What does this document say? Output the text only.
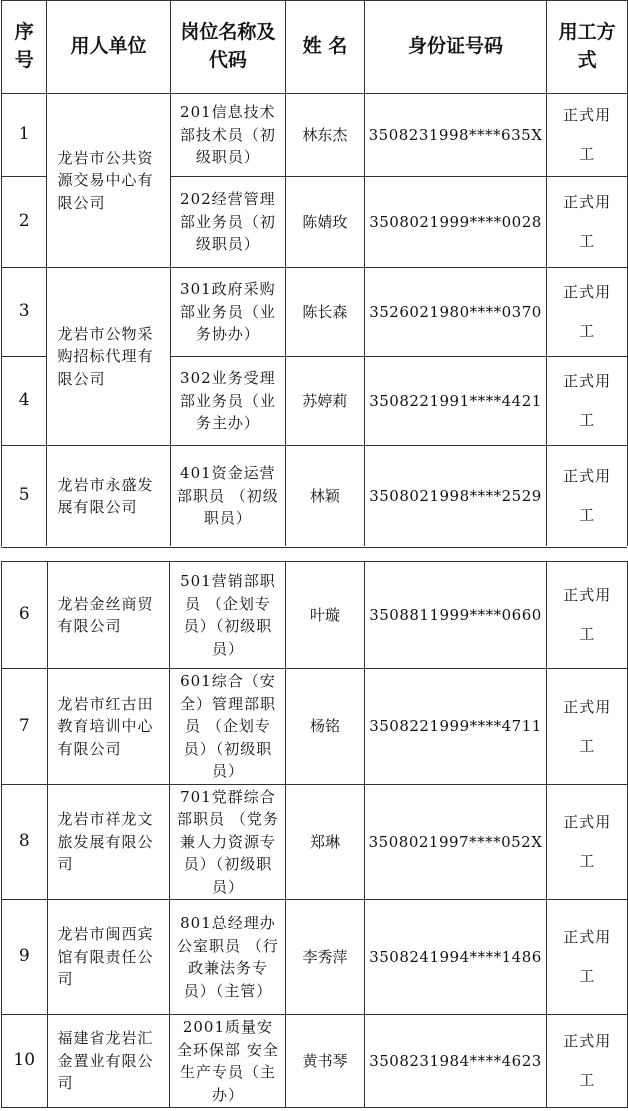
序号	用人单位	岗位名称及代码	姓 名	身份证号码	用工方式
1	龙岩市公共资源交易中心有限公司	201信息技术部技术员（初级职员）	林东杰	3508231998****635X	正式用工
2		202经营管理部业务员（初级职员）	陈婧玫	3508021999****0028	正式用工
3	龙岩市公物采购招标代理有限公司	301政府采购部业务员（业务协办）	陈长森	3526021980****0370	正式用工
4		302业务受理部业务员（业务主办）	苏婷莉	3508221991****4421	正式用工
5	龙岩市永盛发展有限公司	401资金运营部职员 （初级职员）	林颖	3508021998****2529	正式用工
6	龙岩金丝商贸有限公司	501营销部职员 （企划专员）（初级职员）	叶璇	3508811999****0660	正式用工
7	龙岩市红古田教育培训中心有限公司	601综合（安全）管理部职员 （企划专员）（初级职员）	杨铭	3508221999****4711	正式用工
8	龙岩市祥龙文旅发展有限公司	701党群综合部职员 （党务兼人力资源专员）（初级职员）	郑琳	3508021997****052X	正式用工
9	龙岩市闽西宾馆有限责任公司	801总经理办公室职员 （行政兼法务专员）（主管）	李秀萍	3508241994****1486	正式用工
10	福建省龙岩汇金置业有限公司	2001质量安全环保部 安全生产专员（主办）	黄书琴	3508231984****4623	正式用工
